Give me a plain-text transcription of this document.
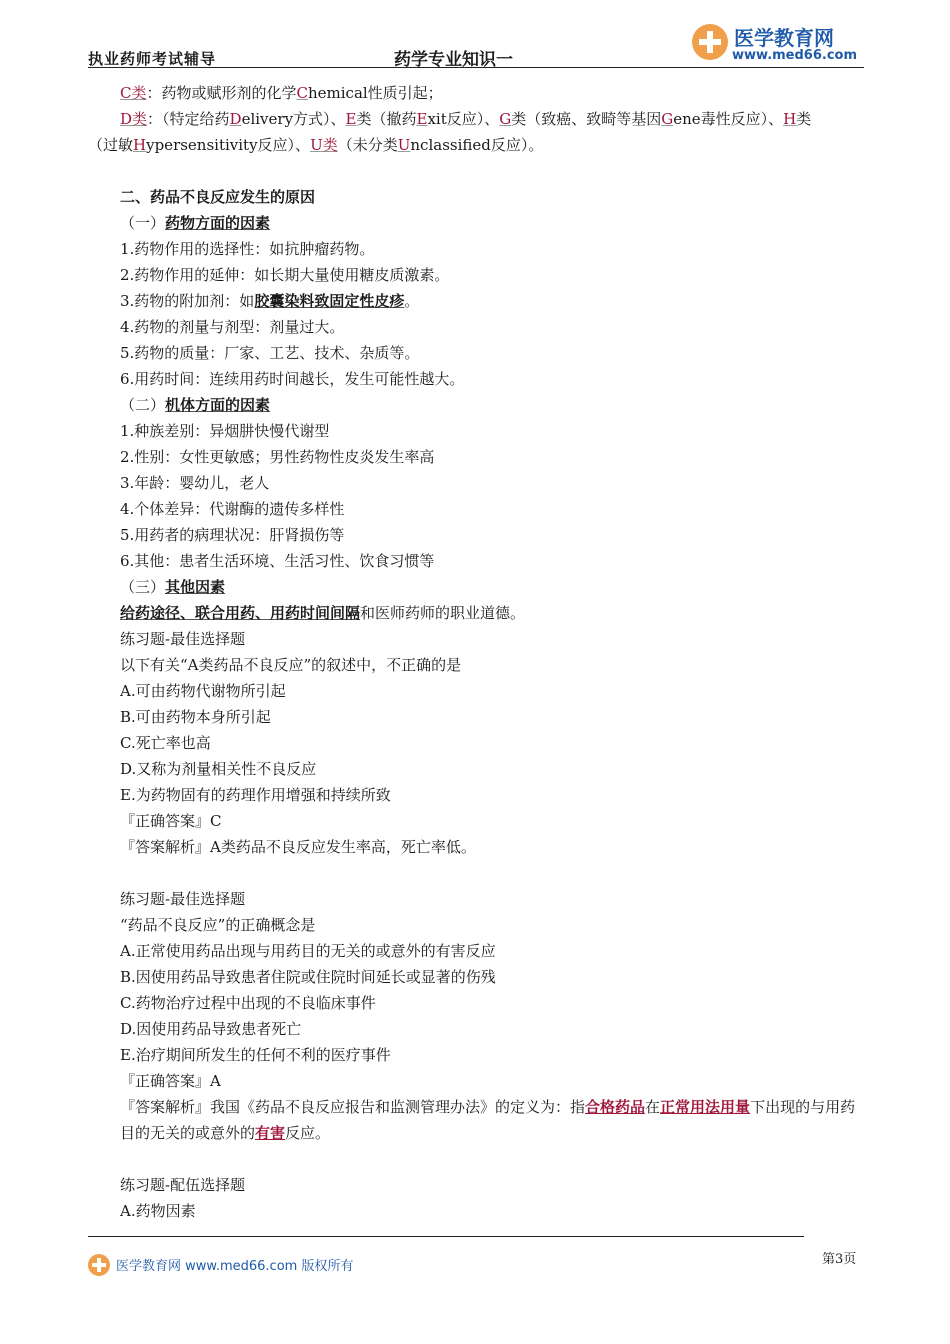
执业药师考试辅导	药学专业知识一
医学教育网
www.med66.com

C类：药物或赋形剂的化学Chemical性质引起；

D类：（特定给药Delivery方式）、E类（撤药Exit反应）、G类（致癌、致畸等基因Gene毒性反应）、H类

（过敏Hypersensitivity反应）、U类（未分类Unclassified反应）。

二、药品不良反应发生的原因

（一）药物方面的因素

1.药物作用的选择性：如抗肿瘤药物。

2.药物作用的延伸：如长期大量使用糖皮质激素。

3.药物的附加剂：如胶囊染料致固定性皮疹。

4.药物的剂量与剂型：剂量过大。

5.药物的质量：厂家、工艺、技术、杂质等。

6.用药时间：连续用药时间越长，发生可能性越大。

（二）机体方面的因素

1.种族差别：异烟肼快慢代谢型

2.性别：女性更敏感；男性药物性皮炎发生率高

3.年龄：婴幼儿，老人

4.个体差异：代谢酶的遗传多样性

5.用药者的病理状况：肝肾损伤等

6.其他：患者生活环境、生活习性、饮食习惯等

（三）其他因素

给药途径、联合用药、用药时间间隔和医师药师的职业道德。

练习题-最佳选择题

以下有关“A类药品不良反应”的叙述中，不正确的是

A.可由药物代谢物所引起

B.可由药物本身所引起

C.死亡率也高

D.又称为剂量相关性不良反应

E.为药物固有的药理作用增强和持续所致

『正确答案』C

『答案解析』A类药品不良反应发生率高，死亡率低。

练习题-最佳选择题

“药品不良反应”的正确概念是

A.正常使用药品出现与用药目的无关的或意外的有害反应

B.因使用药品导致患者住院或住院时间延长或显著的伤残

C.药物治疗过程中出现的不良临床事件

D.因使用药品导致患者死亡

E.治疗期间所发生的任何不利的医疗事件

『正确答案』A

『答案解析』我国《药品不良反应报告和监测管理办法》的定义为：指合格药品在正常用法用量下出现的与用药目的无关的或意外的有害反应。

练习题-配伍选择题

A.药物因素

医学教育网 www.med66.com 版权所有	第3页
